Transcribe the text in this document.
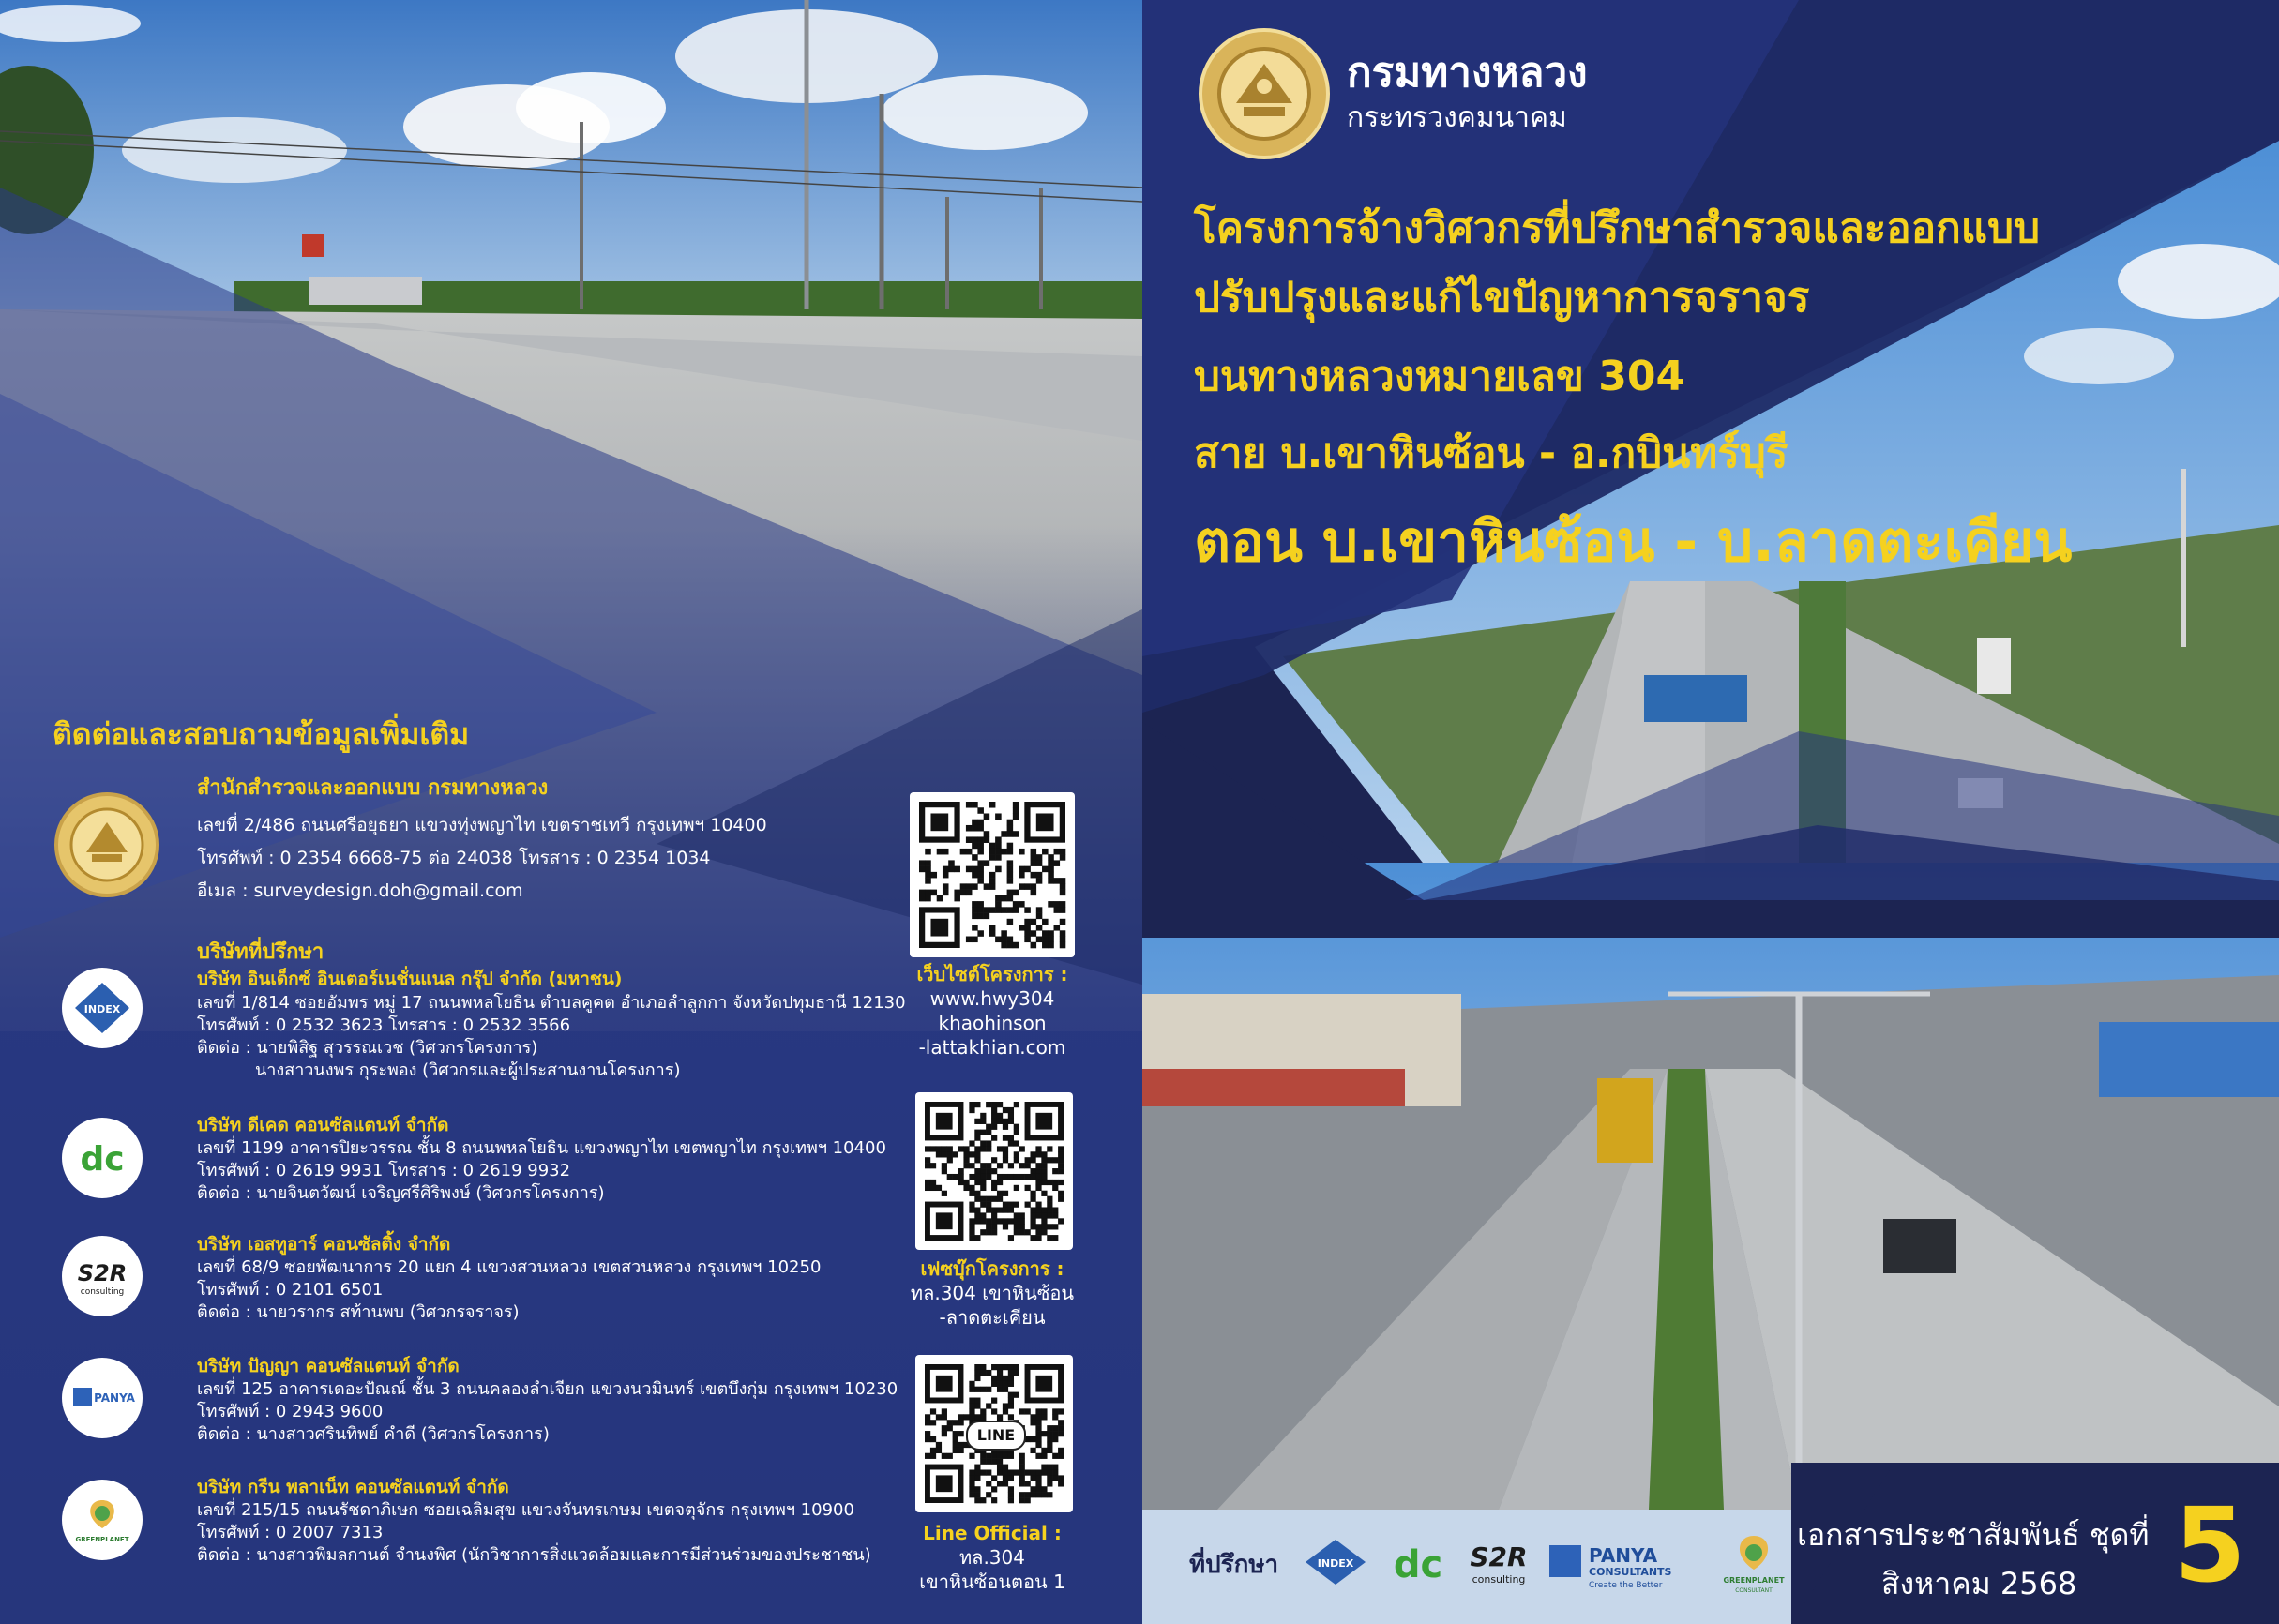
ติดต่อและสอบถามข้อมูลเพิ่มเติม
สำนักสำรวจและออกแบบ กรมทางหลวง
เลขที่ 2/486 ถนนศรีอยุธยา แขวงทุ่งพญาไท เขตราชเทวี กรุงเทพฯ 10400
โทรศัพท์ : 0 2354 6668-75 ต่อ 24038 โทรสาร : 0 2354 1034
อีเมล : surveydesign.doh@gmail.com
บริษัทที่ปรึกษา
INDEX
บริษัท อินเด็กซ์ อินเตอร์เนชั่นแนล กรุ๊ป จำกัด (มหาชน)
เลขที่ 1/814 ซอยอัมพร หมู่ 17 ถนนพหลโยธิน ตำบลคูคต อำเภอลำลูกกา จังหวัดปทุมธานี 12130
โทรศัพท์ : 0 2532 3623 โทรสาร : 0 2532 3566
ติดต่อ : นายพิสิฐ สุวรรณเวช (วิศวกรโครงการ)
นางสาวนงพร กุระพอง (วิศวกรและผู้ประสานงานโครงการ)
dc
บริษัท ดีเคด คอนซัลแตนท์ จำกัด
เลขที่ 1199 อาคารปิยะวรรณ ชั้น 8 ถนนพหลโยธิน แขวงพญาไท เขตพญาไท กรุงเทพฯ 10400
โทรศัพท์ : 0 2619 9931 โทรสาร : 0 2619 9932
ติดต่อ : นายจินตวัฒน์ เจริญศรีศิริพงษ์ (วิศวกรโครงการ)
S2R
consulting
บริษัท เอสทูอาร์ คอนซัลติ้ง จำกัด
เลขที่ 68/9 ซอยพัฒนาการ 20 แยก 4 แขวงสวนหลวง เขตสวนหลวง กรุงเทพฯ 10250
โทรศัพท์ : 0 2101 6501
ติดต่อ : นายวรากร สท้านพบ (วิศวกรจราจร)
PANYA
บริษัท ปัญญา คอนซัลแตนท์ จำกัด
เลขที่ 125 อาคารเดอะปัณณ์ ชั้น 3 ถนนคลองลำเจียก แขวงนวมินทร์ เขตบึงกุ่ม กรุงเทพฯ 10230
โทรศัพท์ : 0 2943 9600
ติดต่อ : นางสาวศรินทิพย์ คำดี (วิศวกรโครงการ)
GREENPLANET
บริษัท กรีน พลาเน็ท คอนซัลแตนท์ จำกัด
เลขที่ 215/15 ถนนรัชดาภิเษก ซอยเฉลิมสุข แขวงจันทรเกษม เขตจตุจักร กรุงเทพฯ 10900
โทรศัพท์ : 0 2007 7313
ติดต่อ : นางสาวพิมลกานต์ จำนงพิศ (นักวิชาการสิ่งแวดล้อมและการมีส่วนร่วมของประชาชน)
เว็บไซต์โครงการ :
www.hwy304
khaohinson
-lattakhian.com
เฟซบุ๊กโครงการ :
ทล.304 เขาหินซ้อน
-ลาดตะเคียน
LINE
Line Official :
ทล.304
เขาหินซ้อนตอน 1
กรมทางหลวง
กระทรวงคมนาคม
โครงการจ้างวิศวกรที่ปรึกษาสำรวจและออกแบบ
ปรับปรุงและแก้ไขปัญหาการจราจร
บนทางหลวงหมายเลข 304
สาย บ.เขาหินซ้อน - อ.กบินทร์บุรี
ตอน บ.เขาหินซ้อน - บ.ลาดตะเคียน
ที่ปรึกษา	INDEX dc S2R
consulting
PANYA
CONSULTANTS
Create the Better
GREENPLANET
CONSULTANT
เอกสารประชาสัมพันธ์ ชุดที่
สิงหาคม 2568 5
